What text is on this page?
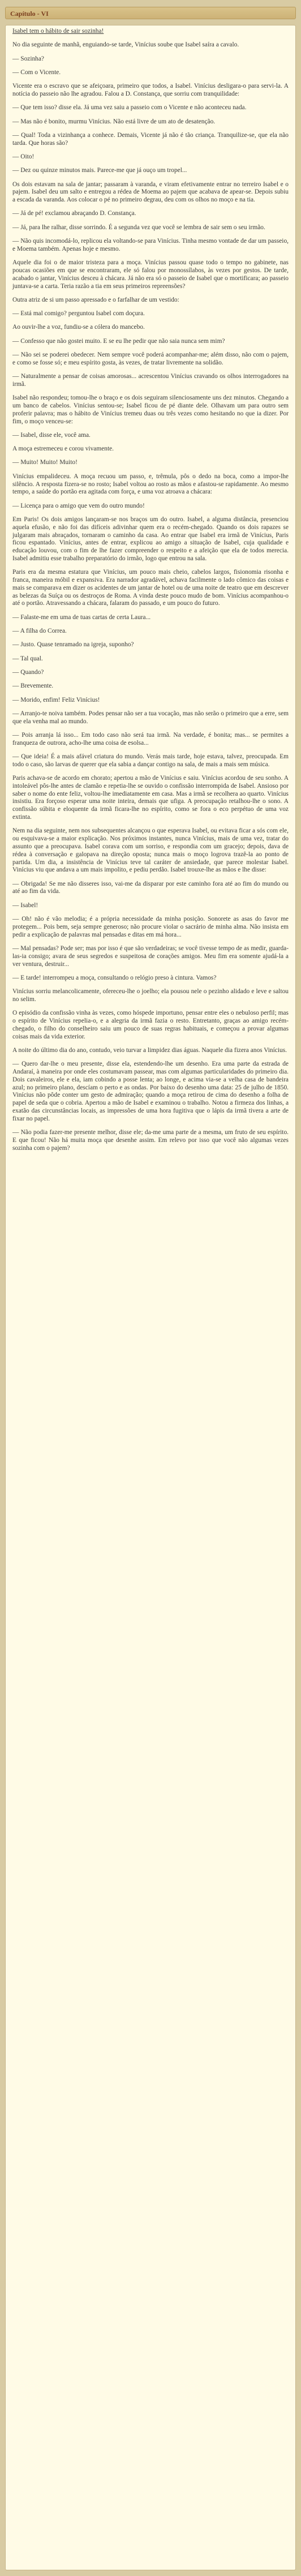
Capítulo - VI

Isabel tem o hábito de sair sozinha!

No dia seguinte de manhã, enguiando-se tarde, Vinícius soube que Isabel saíra a cavalo.

— Sozinha?

— Com o Vicente.

Vicente era o escravo que se afeiçoara, primeiro que todos, a Isabel. Vinícius desligara-o para servi-la. A notícia do passeio não lhe agradou. Falou a D. Constança, que sorriu com tranquilidade:

— Que tem isso? disse ela. Já uma vez saiu a passeio com o Vicente e não aconteceu nada.

— Mas não é bonito, murmu Vinícius. Não está livre de um ato de desatenção.

— Qual! Toda a vizinhança a conhece. Demais, Vicente já não é tão criança. Tranquilize-se, que ela não tarda. Que horas são?

— Oito!

— Dez ou quinze minutos mais. Parece-me que já ouço um tropel...

Os dois estavam na sala de jantar; passaram à varanda, e viram efetivamente entrar no terreiro Isabel e o pajem. Isabel deu um salto e entregou a rédea de Moema ao pajem que acabava de apear-se. Depois subiu a escada da varanda. Aos colocar o pé no primeiro degrau, deu com os olhos no moço e na tia.

— Já de pé! exclamou abraçando D. Constança.

— Já, para lhe ralhar, disse sorrindo. É a segunda vez que você se lembra de sair sem o seu irmão.

— Não quis incomodá-lo, replicou ela voltando-se para Vinícius. Tinha mesmo vontade de dar um passeio, e Moema também. Apenas hoje e mesmo.

Aquele dia foi o de maior tristeza para a moça. Vinícius passou quase todo o tempo no gabinete, nas poucas ocasiões em que se encontraram, ele só falou por monossílabos, às vezes por gestos. De tarde, acabado o jantar, Vinícius desceu à chácara. Já não era só o passeio de Isabel que o mortificara; ao passeio juntava-se a carta. Teria razão a tia em seus primeiros repreensões?

Outra atriz de si um passo apressado e o farfalhar de um vestido:

— Está mal comigo? perguntou Isabel com doçura.

Ao ouvir-lhe a voz, fundiu-se a cólera do mancebo.

— Confesso que não gostei muito. E se eu lhe pedir que não saia nunca sem mim?

— Não sei se poderei obedecer. Nem sempre você poderá acompanhar-me; além disso, não com o pajem, e como se fosse só; e meu espírito gosta, às vezes, de tratar livremente na solidão.

— Naturalmente a pensar de coisas amorosas... acrescentou Vinícius cravando os olhos interrogadores na irmã.

Isabel não respondeu; tomou-lhe o braço e os dois seguiram silenciosamente uns dez minutos. Chegando a um banco de cabelos. Vinícius sentou-se; Isabel ficou de pé diante dele. Olhavam um para outro sem proferir palavra; mas o hábito de Vinícius tremeu duas ou três vezes como hesitando no que ia dizer. Por fim, o moço venceu-se:

— Isabel, disse ele, você ama.

A moça estremeceu e corou vivamente.

— Muito! Muito! Muito!

Vinícius empalideceu. A moça recuou um passo, e, trêmula, pôs o dedo na boca, como a impor-lhe silêncio. A resposta fizera-se no rosto; Isabel voltou ao rosto as mãos e afastou-se rapidamente. Ao mesmo tempo, a saúde do portão era agitada com força, e uma voz atroava a chácara:

— Licença para o amigo que vem do outro mundo!

Em Paris! Os dois amigos lançaram-se nos braços um do outro. Isabel, a alguma distância, presenciou aquela efusão, e não foi das difíceis adivinhar quem era o recém-chegado. Quando os dois rapazes se julgaram mais abraçados, tornaram o caminho da casa. Ao entrar que Isabel era irmã de Vinícius, Paris ficou espantado. Vinícius, antes de entrar, explicou ao amigo a situação de Isabel, cuja qualidade e educação louvou, com o fim de lhe fazer compreender o respeito e a afeição que ela de todos merecia. Isabel admitiu esse trabalho preparatório do irmão, logo que entrou na sala.

Paris era da mesma estatura que Vinícius, um pouco mais cheio, cabelos largos, fisionomia risonha e franca, maneira móbil e expansiva. Era narrador agradável, achava facilmente o lado cômico das coisas e mais se comparava em dizer os acidentes de um jantar de hotel ou de uma noite de teatro que em descrever as belezas da Suíça ou os destroços de Roma. A vinda deste pouco mudo de bom. Vinícius acompanhou-o até o portão. Atravessando a chácara, falaram do passado, e um pouco do futuro.

— Falaste-me em uma de tuas cartas de certa Laura...

— A filha do Correa.

— Justo. Quase tenramado na igreja, suponho?

— Tal qual.

— Quando?

— Brevemente.

— Morido, enfim! Feliz Vinícius!

— Arranjo-te noiva também. Podes pensar não ser a tua vocação, mas não serão o primeiro que a erre, sem que ela venha mal ao mundo.

— Pois arranja lá isso... Em todo caso não será tua irmã. Na verdade, é bonita; mas... se permites a franqueza de outrora, acho-lhe uma coisa de esolsa...

— Que ideia! É a mais afável criatura do mundo. Verás mais tarde, hoje estava, talvez, preocupada. Em todo o caso, são larvas de querer que ela sabia a dançar contigo na sala, de mais a mais sem música.

Paris achava-se de acordo em chorato; apertou a mão de Vinícius e saiu. Vinícius acordou de seu sonho. A intoleável pôs-lhe antes de clamão e repetia-lhe se ouvido o confissão interrompida de Isabel. Ansioso por saber o nome do ente feliz, voltou-lhe imediatamente em casa. Mas a irmã se recolhera ao quarto. Vinícius insistiu. Era forçoso esperar uma noite inteira, demais que ufiga. A preocupação retalhou-lhe o sono. A confissão súbita e eloquente da irmã ficara-lhe no espírito, como se fora o eco perpétuo de uma voz extinta.

Nem na dia seguinte, nem nos subsequentes alcançou o que esperava Isabel, ou evitava ficar a sós com ele, ou esquivava-se a maior explicação. Nos próximos instantes, nunca Vinícius, mais de uma vez, tratar do assunto que a preocupava. Isabel corava com um sorriso, e respondia com um gracejo; depois, dava de rédea à conversação e galopava na direção oposta; nunca mais o moço logrova trazê-la ao ponto de partida. Um dia, a insistência de Vinícius teve tal caráter de ansiedade, que parece molestar Isabel. Vinícius viu que andava a um mais impolito, e pediu perdão. Isabel trouxe-lhe as mãos e lhe disse:

— Obrigada! Se me não disseres isso, vai-me da disparar por este caminho fora até ao fim do mundo ou até ao fim da vida.

— Isabel!

— Oh! não é vão melodia; é a própria necessidade da minha posição. Sonorete as asas do favor me protegem... Pois bem, seja sempre generoso; não procure violar o sacrário de minha alma. Não insista em pedir a explicação de palavras mal pensadas e ditas em má hora...

— Mal pensadas? Pode ser; mas por isso é que são verdadeiras; se você tivesse tempo de as medir, guarda-las-ia consigo; avara de seus segredos e suspeitosa de corações amigos. Meu fim era somente ajudá-la a ver ventura, destruir...

— E tarde! interrompeu a moça, consultando o relógio preso à cintura. Vamos?

Vinícius sorriu melancolicamente, ofereceu-lhe o joelho; ela pousou nele o pezinho alidado e leve e saltou no selim.

O episódio da confissão vinha às vezes, como hóspede importuno, pensar entre eles o nebuloso perfil; mas o espírito de Vinícius repelia-o, e a alegria da irmã fazia o resto. Entretanto, graças ao amigo recém-chegado, o filho do conselheiro saiu um pouco de suas regras habituais, e começou a provar algumas coisas mais da vida exterior.

A noite do último dia do ano, contudo, veio turvar a limpidez dias águas. Naquele dia fizera anos Vinícius.

— Quero dar-lhe o meu presente, disse ela, estendendo-lhe um desenho. Era uma parte da estrada de Andaraí, à maneira por onde eles costumavam passear, mas com algumas particularidades do primeiro dia. Dois cavaleiros, ele e ela, iam cobindo a posse lenta; ao longe, e acima via-se a velha casa de bandeira azul; no primeiro plano, descíam o perto e as ondas. Por baixo do desenho uma data: 25 de julho de 1850. Vinícius não pôde conter um gesto de admiração; quando a moça retirou de cima do desenho a folha de papel de seda que o cobria. Apertou a mão de Isabel e examinou o trabalho. Notou a firmeza dos linhas, a exatão das circunstâncias locais, as impressões de uma hora fugitiva que o lápis da irmã tivera a arte de fixar no papel.

— Não podia fazer-me presente melhor, disse ele; da-me uma parte de a mesma, um fruto de seu espírito. E que ficou! Não há muita moça que desenhe assim. Em relevo por isso que você não algumas vezes sozinha com o pajem?
